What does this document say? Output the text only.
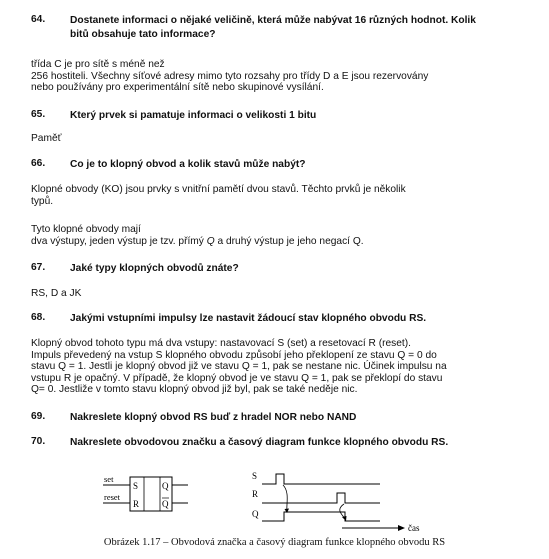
64. Dostanete informaci o nějaké veličině, která může nabývat 16 různých hodnot. Kolik
bitů obsahuje tato informace?
třída C je pro sítě s méně než
256 hostiteli. Všechny síťové adresy mimo tyto rozsahy pro třídy D a E jsou rezervovány
nebo používány pro experimentální sítě nebo skupinové vysílání.
65. Který prvek si pamatuje informaci o velikosti 1 bitu
Paměť
66. Co je to klopný obvod a kolik stavů může nabýt?
Klopné obvody (KO) jsou prvky s vnitřní pamětí dvou stavů. Těchto prvků je několik
typů.
Tyto klopné obvody mají
dva výstupy, jeden výstup je tzv. přímý Q a druhý výstup je jeho negací Q.
67. Jaké typy klopných obvodů znáte?
RS, D a JK
68. Jakými vstupními impulsy lze nastavit žádoucí stav klopného obvodu RS.
Klopný obvod tohoto typu má dva vstupy: nastavovací S (set) a resetovací R (reset).
Impuls převedený na vstup S klopného obvodu způsobí jeho překlopení ze stavu Q = 0 do
stavu Q = 1. Jestli je klopný obvod již ve stavu Q = 1, pak se nestane nic. Účinek impulsu na
vstupu R je opačný. V případě, že klopný obvod je ve stavu Q = 1, pak se překlopí do stavu
Q= 0. Jestliže v tomto stavu klopný obvod již byl, pak se také neděje nic.
69. Nakreslete klopný obvod RS buď z hradel NOR nebo NAND
70. Nakreslete obvodovou značku a časový diagram funkce klopného obvodu RS.
set
reset
S
R
Q
Q
S
R
Q
čas
Obrázek 1.17 – Obvodová značka a časový diagram funkce klopného obvodu RS
